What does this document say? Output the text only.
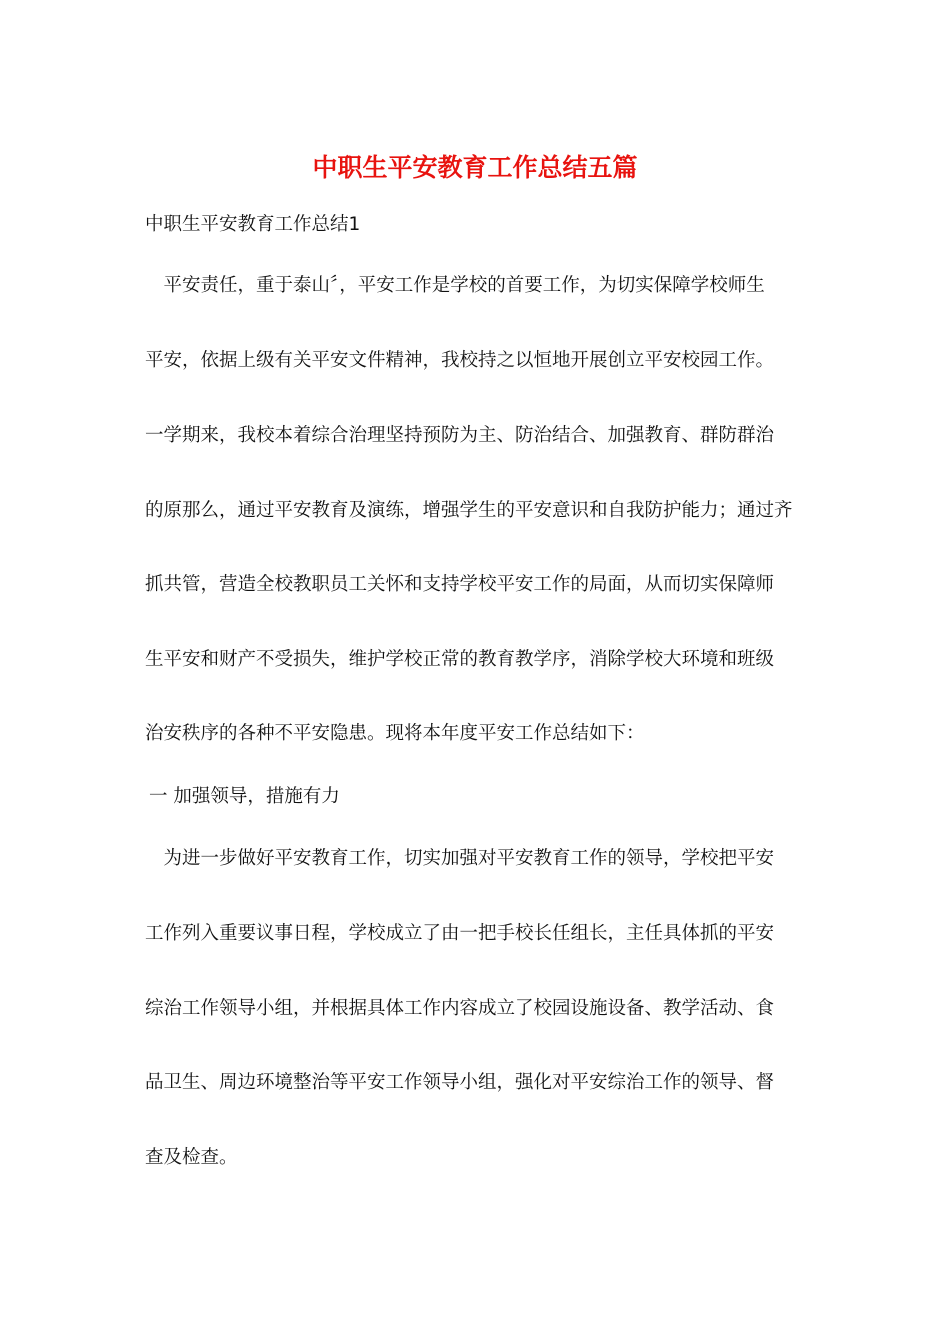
中职生平安教育工作总结五篇
中职生平安教育工作总结1
　平安责任，重于泰山〞，平安工作是学校的首要工作，为切实保障学校师生
平安，依据上级有关平安文件精神，我校持之以恒地开展创立平安校园工作。
一学期来，我校本着综合治理坚持预防为主、防治结合、加强教育、群防群治
的原那么，通过平安教育及演练，增强学生的平安意识和自我防护能力；通过齐
抓共管，营造全校教职员工关怀和支持学校平安工作的局面，从而切实保障师
生平安和财产不受损失，维护学校正常的教育教学序，消除学校大环境和班级
治安秩序的各种不平安隐患。现将本年度平安工作总结如下：
一 加强领导，措施有力
　为进一步做好平安教育工作，切实加强对平安教育工作的领导，学校把平安
工作列入重要议事日程，学校成立了由一把手校长任组长，主任具体抓的平安
综治工作领导小组，并根据具体工作内容成立了校园设施设备、教学活动、食
品卫生、周边环境整治等平安工作领导小组，强化对平安综治工作的领导、督
查及检查。
